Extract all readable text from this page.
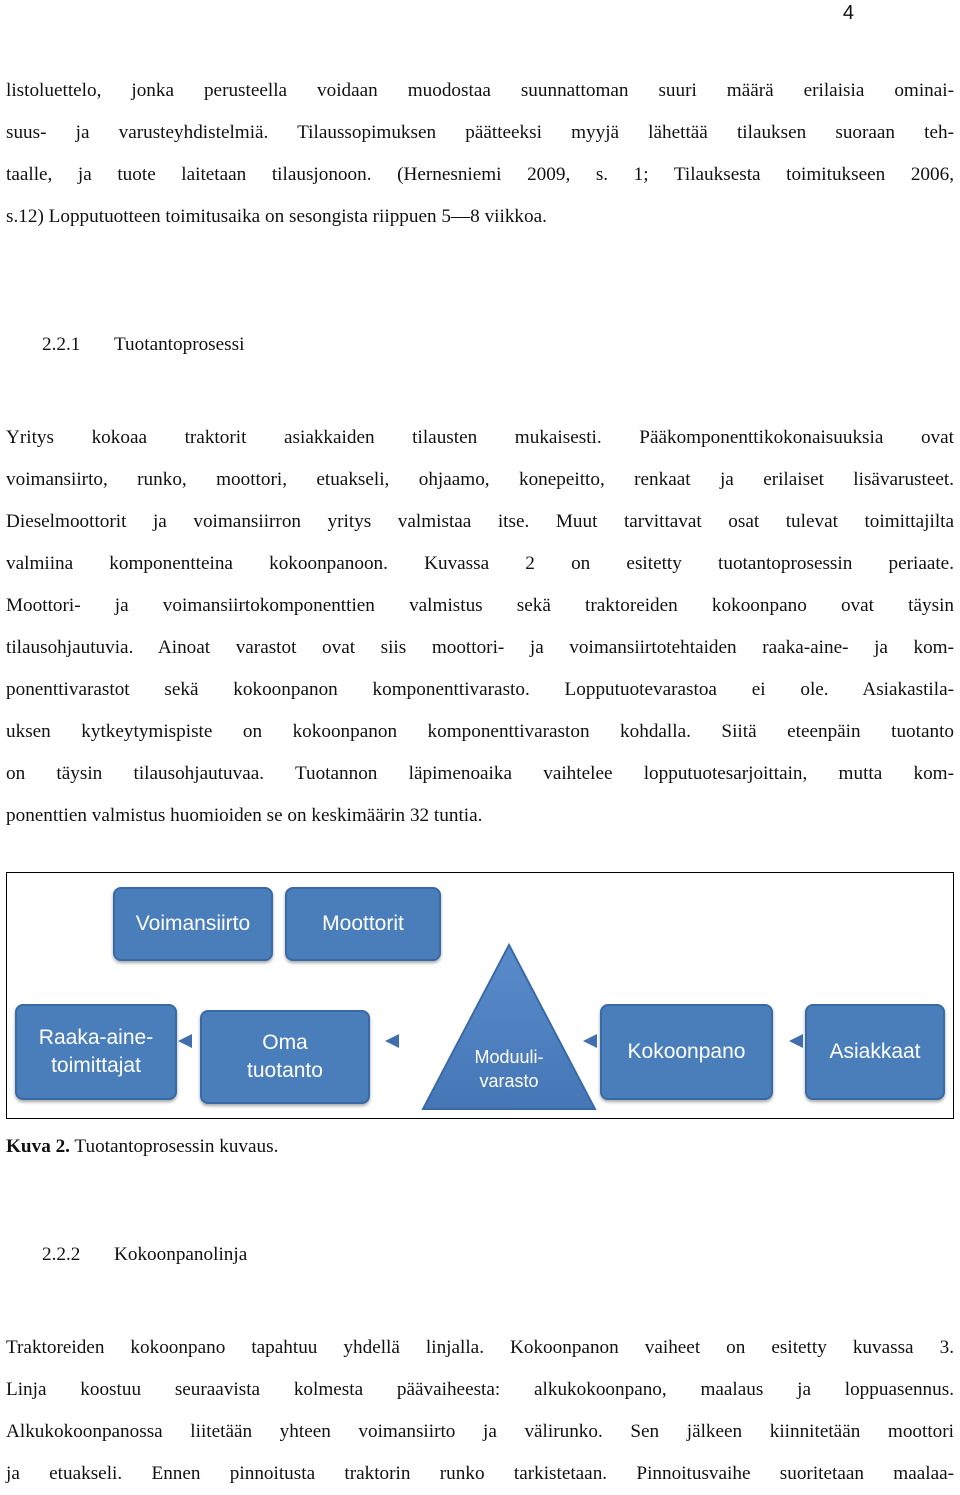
4

listoluettelo, jonka perusteella voidaan muodostaa suunnattoman suuri määrä erilaisia ominai-
suus- ja varusteyhdistelmiä. Tilaussopimuksen päätteeksi myyjä lähettää tilauksen suoraan teh-
taalle, ja tuote laitetaan tilausjonoon. (Hernesniemi 2009, s. 1; Tilauksesta toimitukseen 2006,
s.12) Lopputuotteen toimitusaika on sesongista riippuen 5—8 viikkoa.

2.2.1 Tuotantoprosessi

Yritys kokoaa traktorit asiakkaiden tilausten mukaisesti. Pääkomponenttikokonaisuuksia ovat
voimansiirto, runko, moottori, etuakseli, ohjaamo, konepeitto, renkaat ja erilaiset lisävarusteet.
Dieselmoottorit ja voimansiirron yritys valmistaa itse. Muut tarvittavat osat tulevat toimittajilta
valmiina komponentteina kokoonpanoon. Kuvassa 2 on esitetty tuotantoprosessin periaate.
Moottori- ja voimansiirtokomponenttien valmistus sekä traktoreiden kokoonpano ovat täysin
tilausohjautuvia. Ainoat varastot ovat siis moottori- ja voimansiirtotehtaiden raaka-aine- ja kom-
ponenttivarastot sekä kokoonpanon komponenttivarasto. Lopputuotevarastoa ei ole. Asiakastila-
uksen kytkeytymispiste on kokoonpanon komponenttivaraston kohdalla. Siitä eteenpäin tuotanto
on täysin tilausohjautuvaa. Tuotannon läpimenoaika vaihtelee lopputuotesarjoittain, mutta kom-
ponenttien valmistus huomioiden se on keskimäärin 32 tuntia.

Voimansiirto	Moottorit
Raaka-aine-
toimittajat
Oma
tuotanto
Moduuli-
varasto
Kokoonpano	Asiakkaat

Kuva 2. Tuotantoprosessin kuvaus.

2.2.2 Kokoonpanolinja

Traktoreiden kokoonpano tapahtuu yhdellä linjalla. Kokoonpanon vaiheet on esitetty kuvassa 3.
Linja koostuu seuraavista kolmesta päävaiheesta: alkukokoonpano, maalaus ja loppuasennus.
Alkukokoonpanossa liitetään yhteen voimansiirto ja välirunko. Sen jälkeen kiinnitetään moottori
ja etuakseli. Ennen pinnoitusta traktorin runko tarkistetaan. Pinnoitusvaihe suoritetaan maalaa-
